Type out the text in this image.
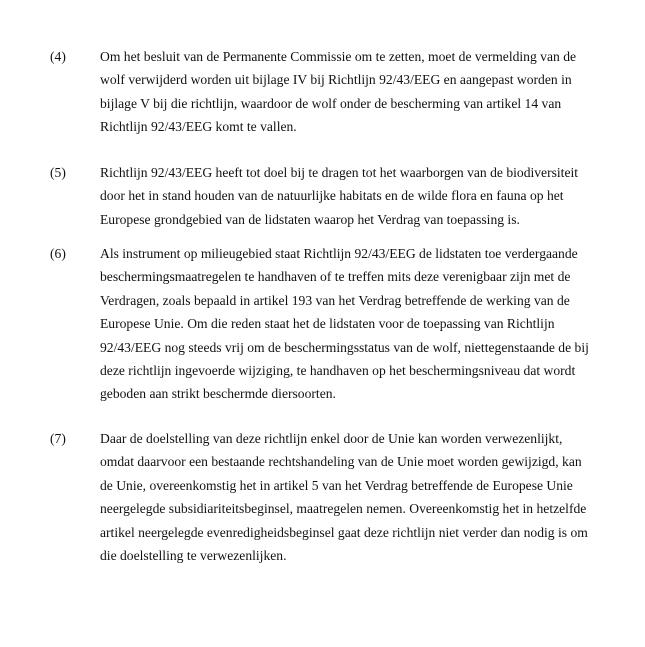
(4)	Om het besluit van de Permanente Commissie om te zetten, moet de vermelding van de
wolf verwijderd worden uit bijlage IV bij Richtlijn 92/43/EEG en aangepast worden in
bijlage V bij die richtlijn, waardoor de wolf onder de bescherming van artikel 14 van
Richtlijn 92/43/EEG komt te vallen.
(5)	Richtlijn 92/43/EEG heeft tot doel bij te dragen tot het waarborgen van de biodiversiteit
door het in stand houden van de natuurlijke habitats en de wilde flora en fauna op het
Europese grondgebied van de lidstaten waarop het Verdrag van toepassing is.
(6)	Als instrument op milieugebied staat Richtlijn 92/43/EEG de lidstaten toe verdergaande
beschermingsmaatregelen te handhaven of te treffen mits deze verenigbaar zijn met de
Verdragen, zoals bepaald in artikel 193 van het Verdrag betreffende de werking van de
Europese Unie. Om die reden staat het de lidstaten voor de toepassing van Richtlijn
92/43/EEG nog steeds vrij om de beschermingsstatus van de wolf, niettegenstaande de bij
deze richtlijn ingevoerde wijziging, te handhaven op het beschermingsniveau dat wordt
geboden aan strikt beschermde diersoorten.
(7)	Daar de doelstelling van deze richtlijn enkel door de Unie kan worden verwezenlijkt,
omdat daarvoor een bestaande rechtshandeling van de Unie moet worden gewijzigd, kan
de Unie, overeenkomstig het in artikel 5 van het Verdrag betreffende de Europese Unie
neergelegde subsidiariteitsbeginsel, maatregelen nemen. Overeenkomstig het in hetzelfde
artikel neergelegde evenredigheidsbeginsel gaat deze richtlijn niet verder dan nodig is om
die doelstelling te verwezenlijken.
